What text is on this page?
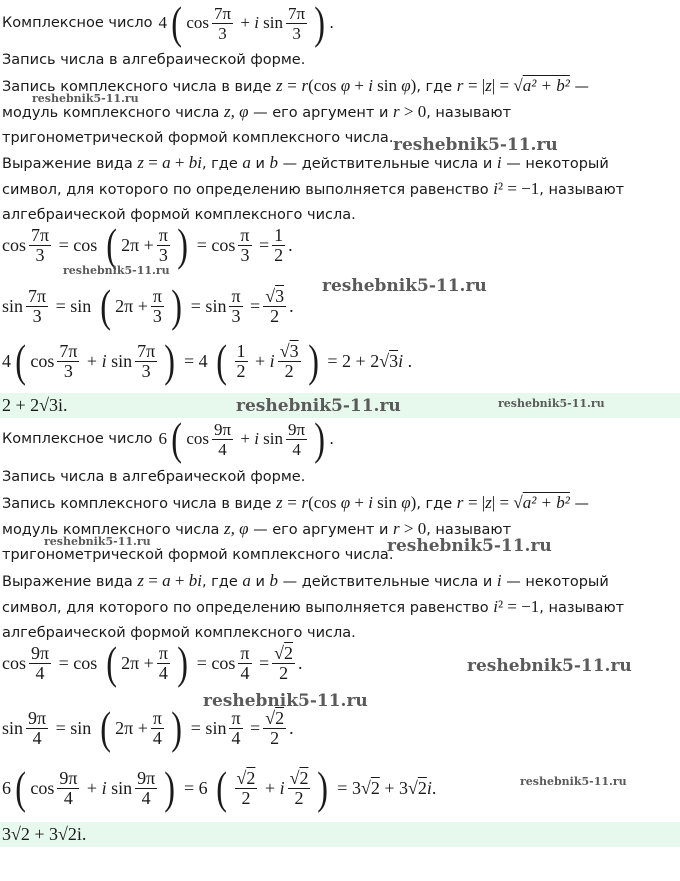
Комплексное число 4 ( $\cos \frac{7\pi}{3} + i$ $\sin \frac{7\pi}{3}$ ) .
Запись числа в алгебраической форме.
Запись комплексного числа в виде z = r(cos φ + i sin φ), где r = |z| = √a² + b² —
модуль комплексного числа z, φ — его аргумент и r > 0, называют
тригонометрической формой комплексного числа.
Выражение вида z = a + bi, где a и b — действительные числа и i — некоторый
символ, для которого по определению выполняется равенство i² = −1, называют
алгебраической формой комплексного числа.
$\cos \frac{7\pi}{3} = \cos$ ( $2\pi + \frac{\pi}{3}$ ) = $\cos \frac{\pi}{3} = \frac{1}{2}$ .
$\sin \frac{7\pi}{3} = \sin$ ( $2\pi + \frac{\pi}{3}$ ) = $\sin \frac{\pi}{3} = \frac{√3}{2}$ .
4 ( $\cos \frac{7\pi}{3} + i$ $\sin \frac{7\pi}{3}$ ) = 4 ( $\frac{1}{2} + i \frac{√3}{2}$ ) = 2 + 2√3i .
2 + 2√3i.
Комплексное число 6 ( $\cos \frac{9\pi}{4} + i$ $\sin \frac{9\pi}{4}$ ) .
Запись числа в алгебраической форме.
Запись комплексного числа в виде z = r(cos φ + i sin φ), где r = |z| = √a² + b² —
модуль комплексного числа z, φ — его аргумент и r > 0, называют
тригонометрической формой комплексного числа.
Выражение вида z = a + bi, где a и b — действительные числа и i — некоторый
символ, для которого по определению выполняется равенство i² = −1, называют
алгебраической формой комплексного числа.
$\cos \frac{9\pi}{4} = \cos$ ( $2\pi + \frac{\pi}{4}$ ) = $\cos \frac{\pi}{4} = \frac{√2}{2}$ .
$\sin \frac{9\pi}{4} = \sin$ ( $2\pi + \frac{\pi}{4}$ ) = $\sin \frac{\pi}{4} = \frac{√2}{2}$ .
6 ( $\cos \frac{9\pi}{4} + i$ $\sin \frac{9\pi}{4}$ ) = 6 ( $\frac{√2}{2} + i \frac{√2}{2}$ ) = 3√2 + 3√2i.
3√2 + 3√2i.
reshebnik5-11.ru
reshebnik5-11.ru
reshebnik5-11.ru
reshebnik5-11.ru
reshebnik5-11.ru	reshebnik5-11.ru
reshebnik5-11.ru	reshebnik5-11.ru
reshebnik5-11.ru
reshebnik5-11.ru
reshebnik5-11.ru
